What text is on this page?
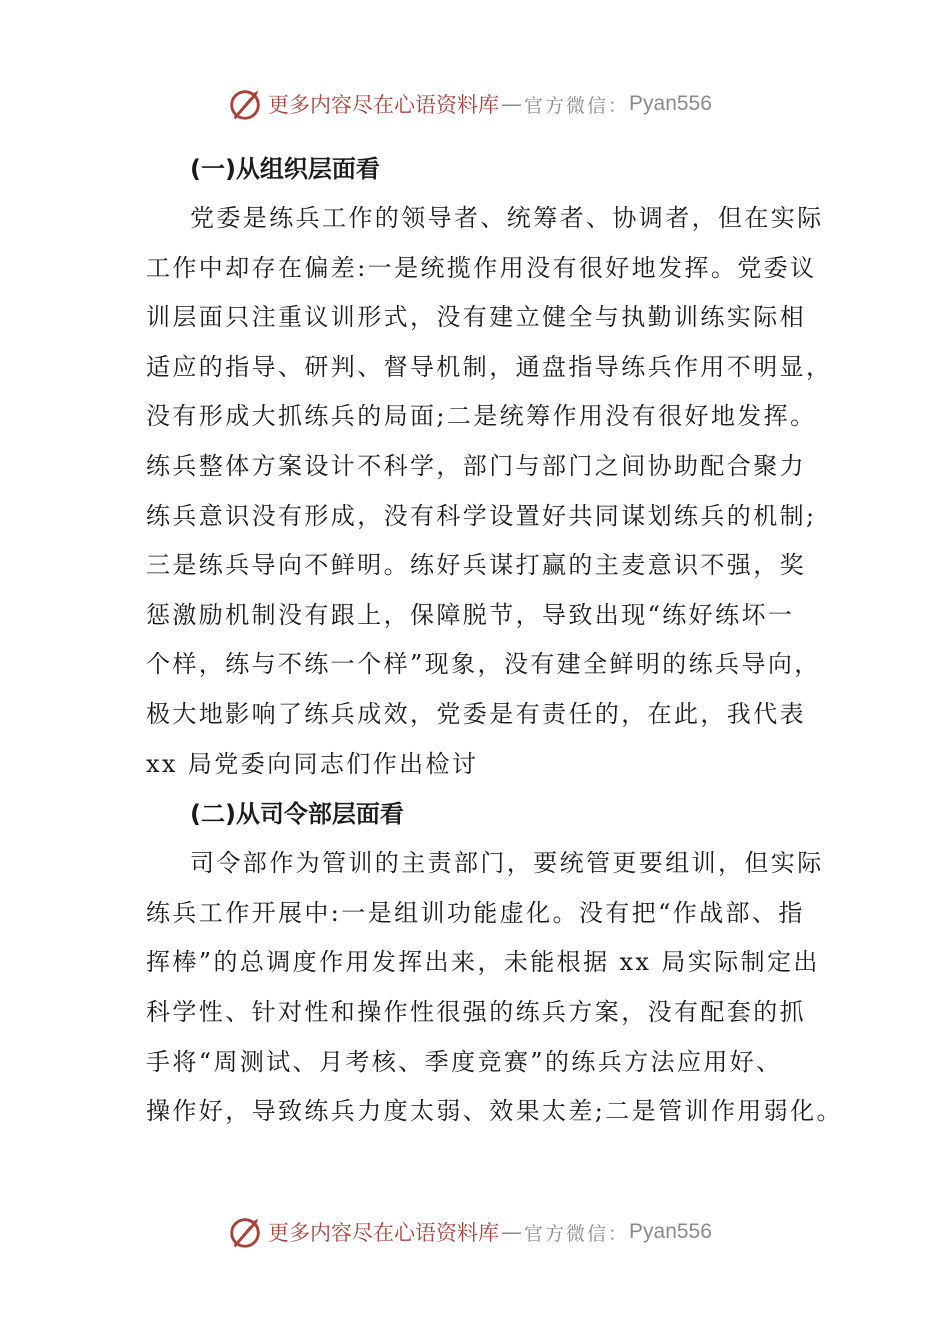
更多内容尽在心语资料库 — 官方微信： Pyan556

(一)从组织层面看

党委是练兵工作的领导者、统筹者、协调者，但在实际
工作中却存在偏差:一是统揽作用没有很好地发挥。党委议
训层面只注重议训形式，没有建立健全与执勤训练实际相
适应的指导、研判、督导机制，通盘指导练兵作用不明显，
没有形成大抓练兵的局面;二是统筹作用没有很好地发挥。
练兵整体方案设计不科学，部门与部门之间协助配合聚力
练兵意识没有形成，没有科学设置好共同谋划练兵的机制;
三是练兵导向不鲜明。练好兵谋打赢的主麦意识不强，奖
惩激励机制没有跟上，保障脱节，导致出现“练好练坏一
个样，练与不练一个样”现象，没有建全鲜明的练兵导向，
极大地影响了练兵成效，党委是有责任的，在此，我代表
xx 局党委向同志们作出检讨

(二)从司令部层面看

司令部作为管训的主责部门，要统管更要组训，但实际
练兵工作开展中:一是组训功能虚化。没有把“作战部、指
挥棒”的总调度作用发挥出来，未能根据 xx 局实际制定出
科学性、针对性和操作性很强的练兵方案，没有配套的抓
手将“周测试、月考核、季度竞赛”的练兵方法应用好、
操作好，导致练兵力度太弱、效果太差;二是管训作用弱化。

更多内容尽在心语资料库 — 官方微信： Pyan556
